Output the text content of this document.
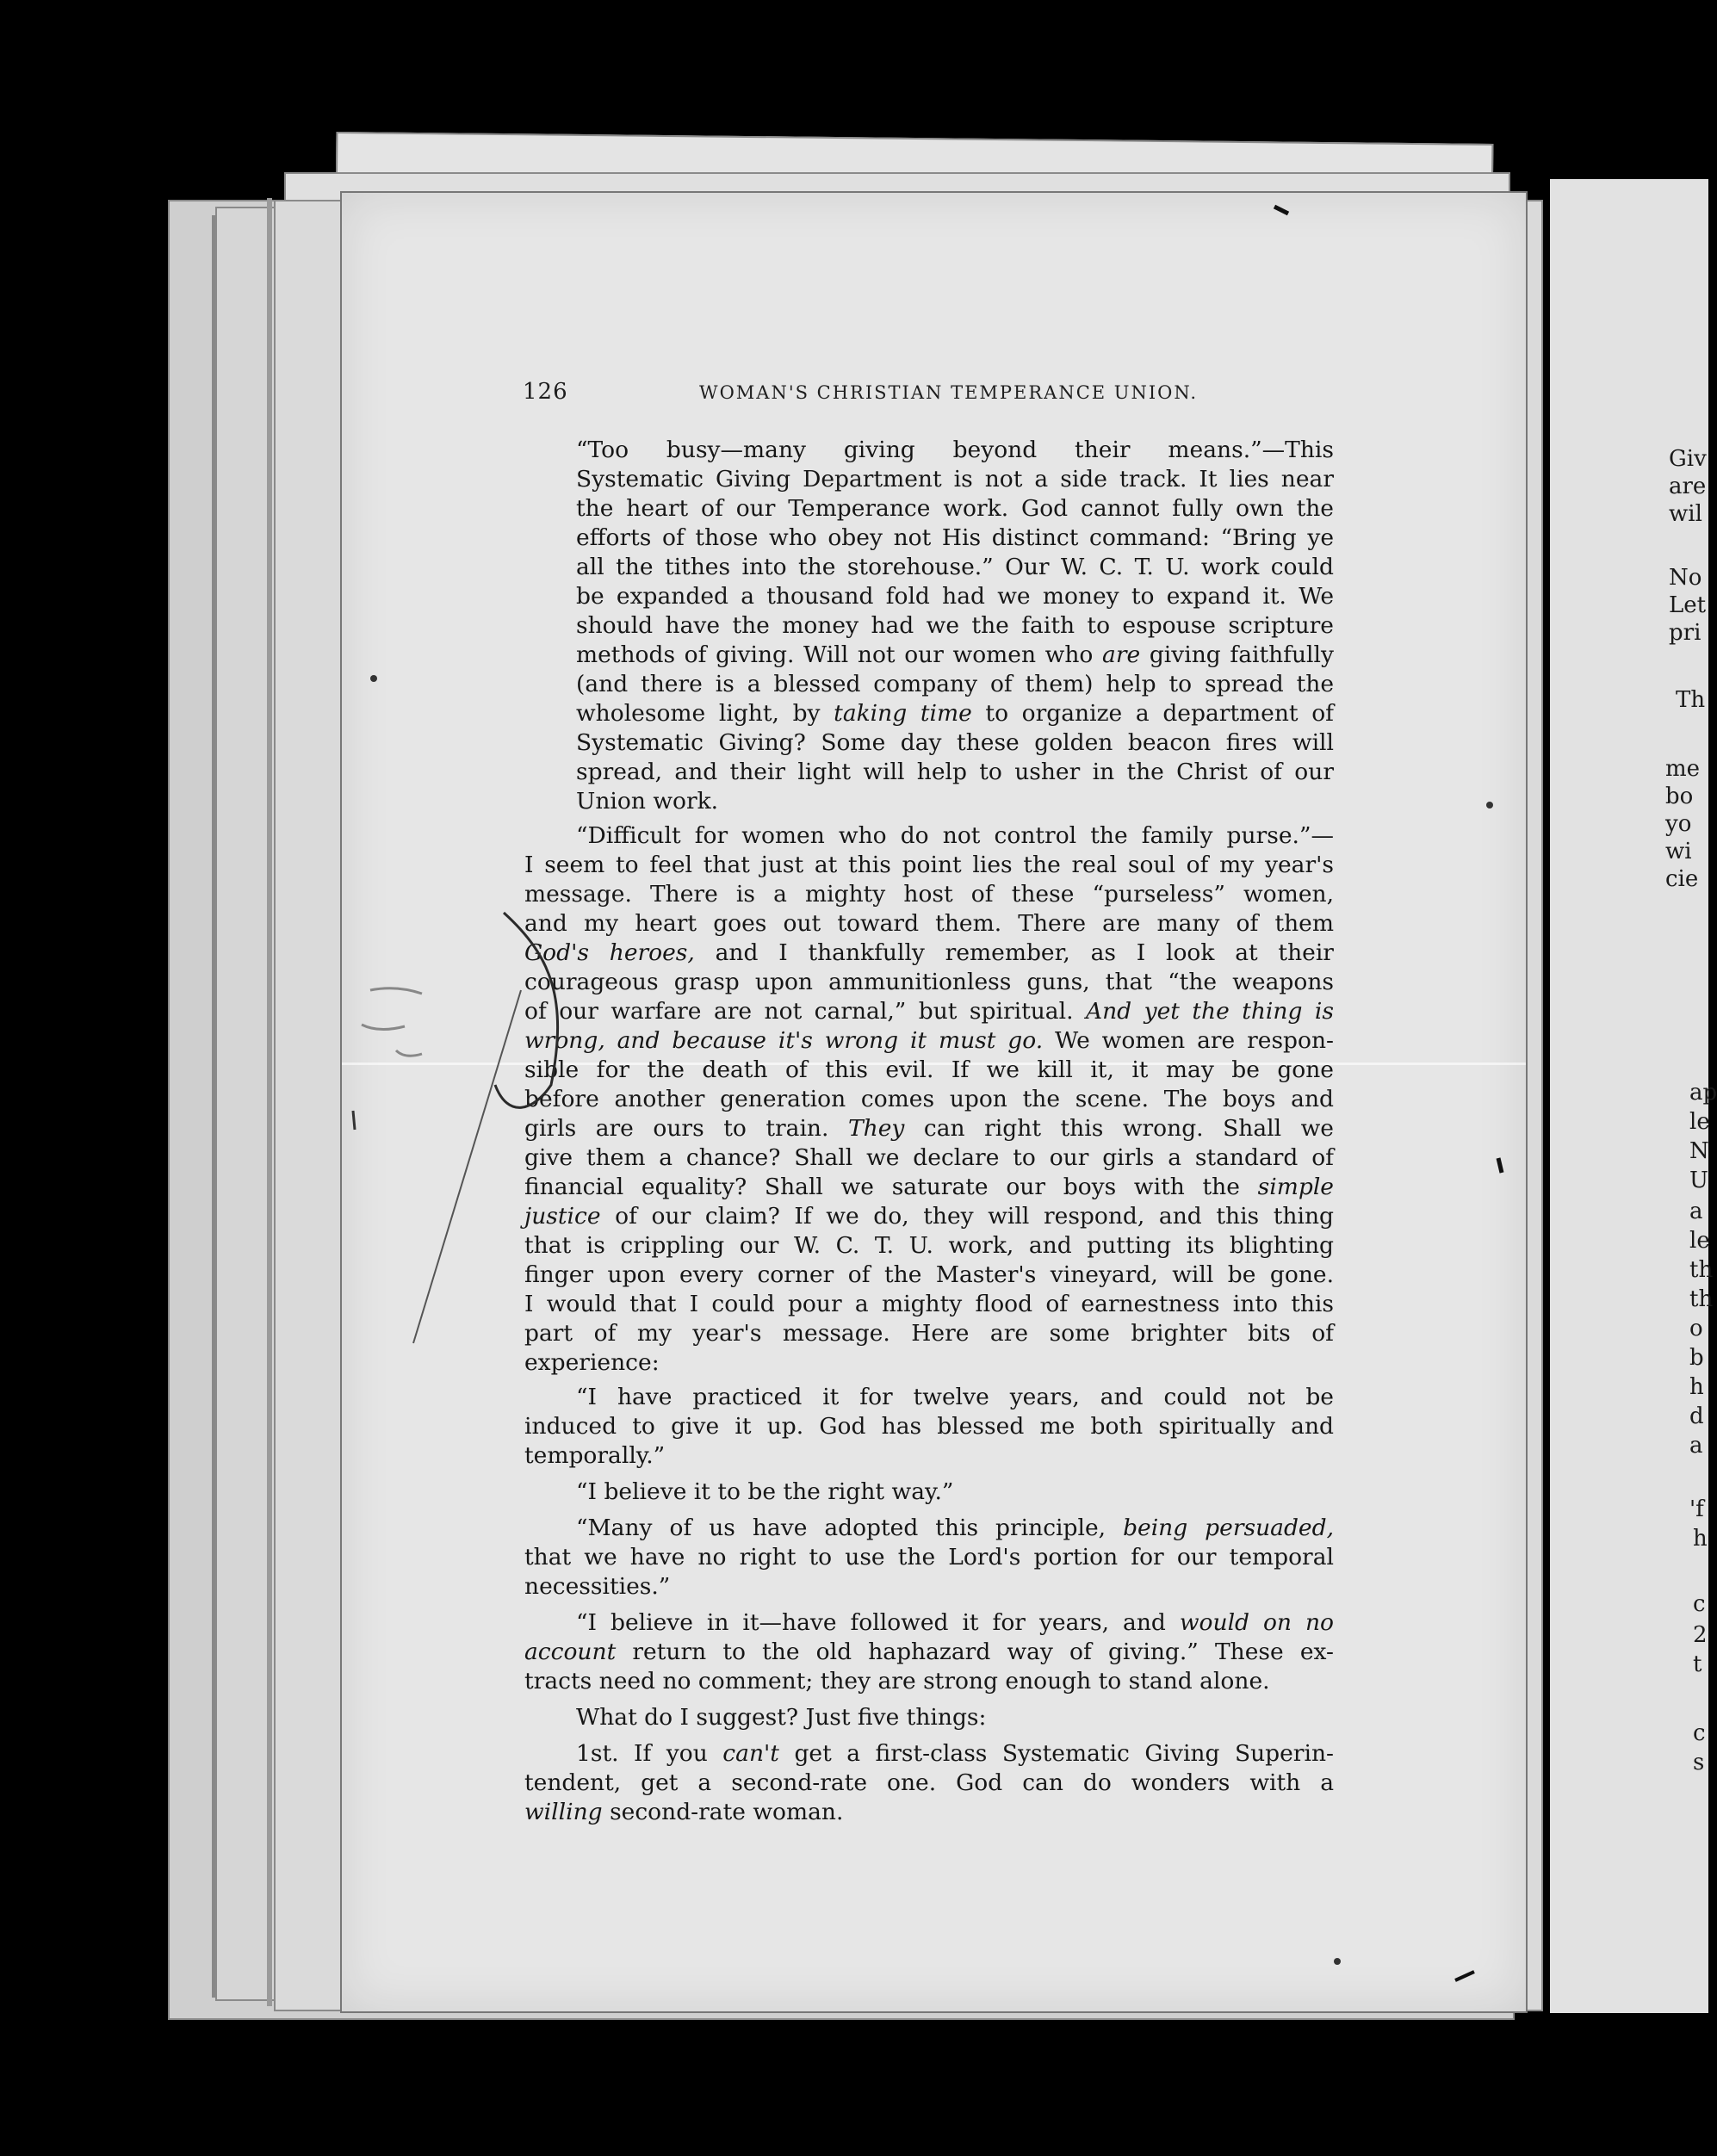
126	WOMAN'S CHRISTIAN TEMPERANCE UNION.
“Too busy—many giving beyond their means.”—This
Systematic Giving Department is not a side track. It lies near
the heart of our Temperance work. God cannot fully own the
efforts of those who obey not His distinct command: “Bring ye
all the tithes into the storehouse.” Our W. C. T. U. work could
be expanded a thousand fold had we money to expand it. We
should have the money had we the faith to espouse scripture
methods of giving. Will not our women who are giving faithfully
(and there is a blessed company of them) help to spread the
wholesome light, by taking time to organize a department of
Systematic Giving? Some day these golden beacon fires will
spread, and their light will help to usher in the Christ of our
Union work.
“Difficult for women who do not control the family purse.”—
I seem to feel that just at this point lies the real soul of my year's
message. There is a mighty host of these “purseless” women,
and my heart goes out toward them. There are many of them
God's heroes, and I thankfully remember, as I look at their
courageous grasp upon ammunitionless guns, that “the weapons
of our warfare are not carnal,” but spiritual. And yet the thing is
wrong, and because it's wrong it must go. We women are respon-
sible for the death of this evil. If we kill it, it may be gone
before another generation comes upon the scene. The boys and
girls are ours to train. They can right this wrong. Shall we
give them a chance? Shall we declare to our girls a standard of
financial equality? Shall we saturate our boys with the simple
justice of our claim? If we do, they will respond, and this thing
that is crippling our W. C. T. U. work, and putting its blighting
finger upon every corner of the Master's vineyard, will be gone.
I would that I could pour a mighty flood of earnestness into this
part of my year's message. Here are some brighter bits of
experience:
“I have practiced it for twelve years, and could not be
induced to give it up. God has blessed me both spiritually and
temporally.”
“I believe it to be the right way.”
“Many of us have adopted this principle, being persuaded,
that we have no right to use the Lord's portion for our temporal
necessities.”
“I believe in it—have followed it for years, and would on no
account return to the old haphazard way of giving.” These ex-
tracts need no comment; they are strong enough to stand alone.
What do I suggest? Just five things:
1st. If you can't get a first-class Systematic Giving Superin-
tendent, get a second-rate one. God can do wonders with a
willing second-rate woman.
Giv
are
wil
No
Let
pri
Th
me
bo
yo
wi
cie
ap
le
N
U
a
le
th
th
o
b
h
d
a
'f
h
c
2
t
c
s
